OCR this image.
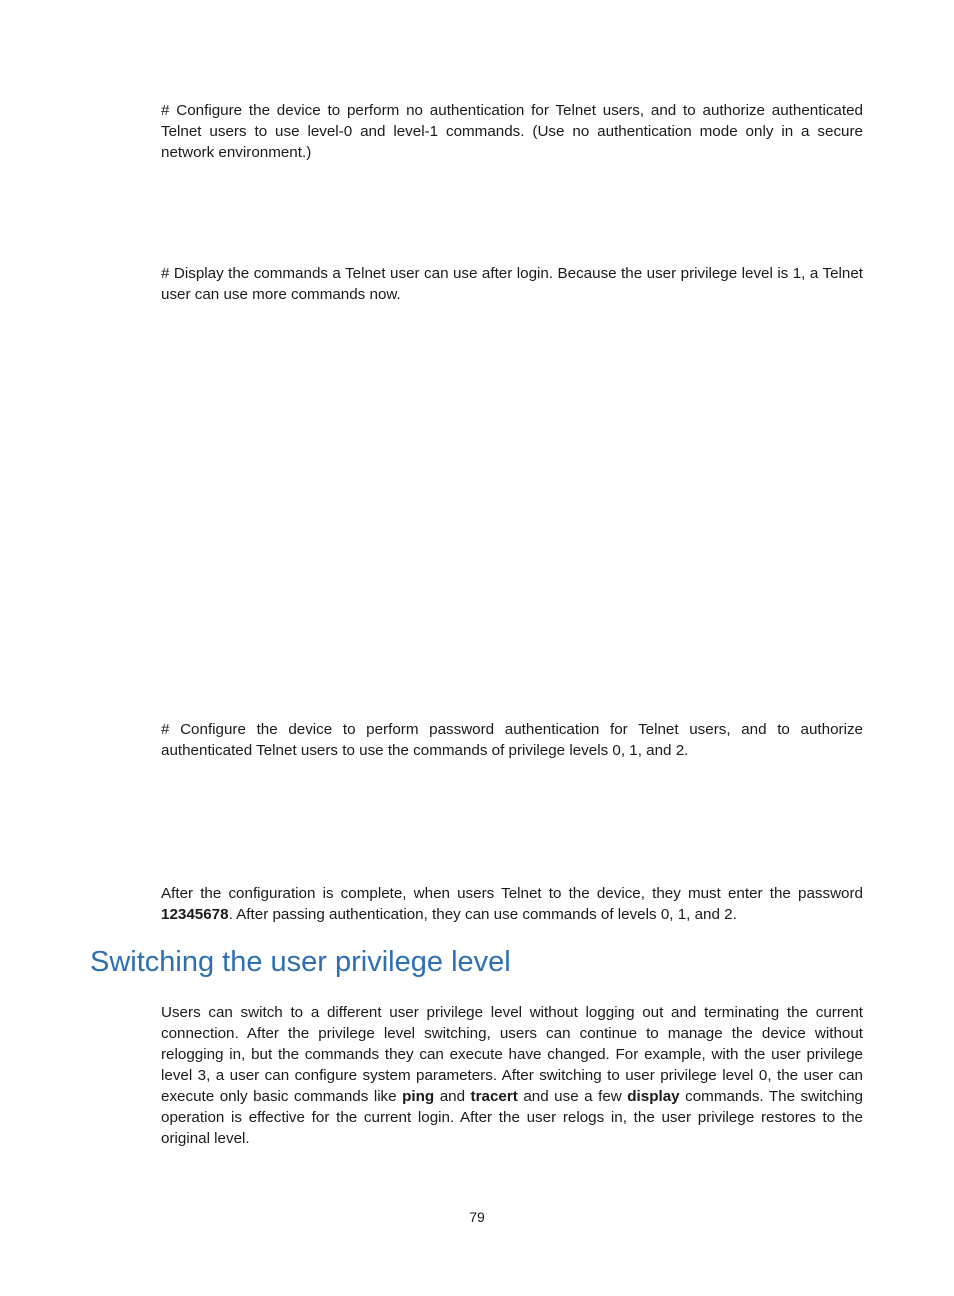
# Configure the device to perform no authentication for Telnet users, and to authorize authenticated Telnet users to use level-0 and level-1 commands. (Use no authentication mode only in a secure network environment.)

# Display the commands a Telnet user can use after login. Because the user privilege level is 1, a Telnet user can use more commands now.

# Configure the device to perform password authentication for Telnet users, and to authorize authenticated Telnet users to use the commands of privilege levels 0, 1, and 2.

After the configuration is complete, when users Telnet to the device, they must enter the password 12345678. After passing authentication, they can use commands of levels 0, 1, and 2.

Switching the user privilege level

Users can switch to a different user privilege level without logging out and terminating the current connection. After the privilege level switching, users can continue to manage the device without relogging in, but the commands they can execute have changed. For example, with the user privilege level 3, a user can configure system parameters. After switching to user privilege level 0, the user can execute only basic commands like ping and tracert and use a few display commands. The switching operation is effective for the current login. After the user relogs in, the user privilege restores to the original level.

79
